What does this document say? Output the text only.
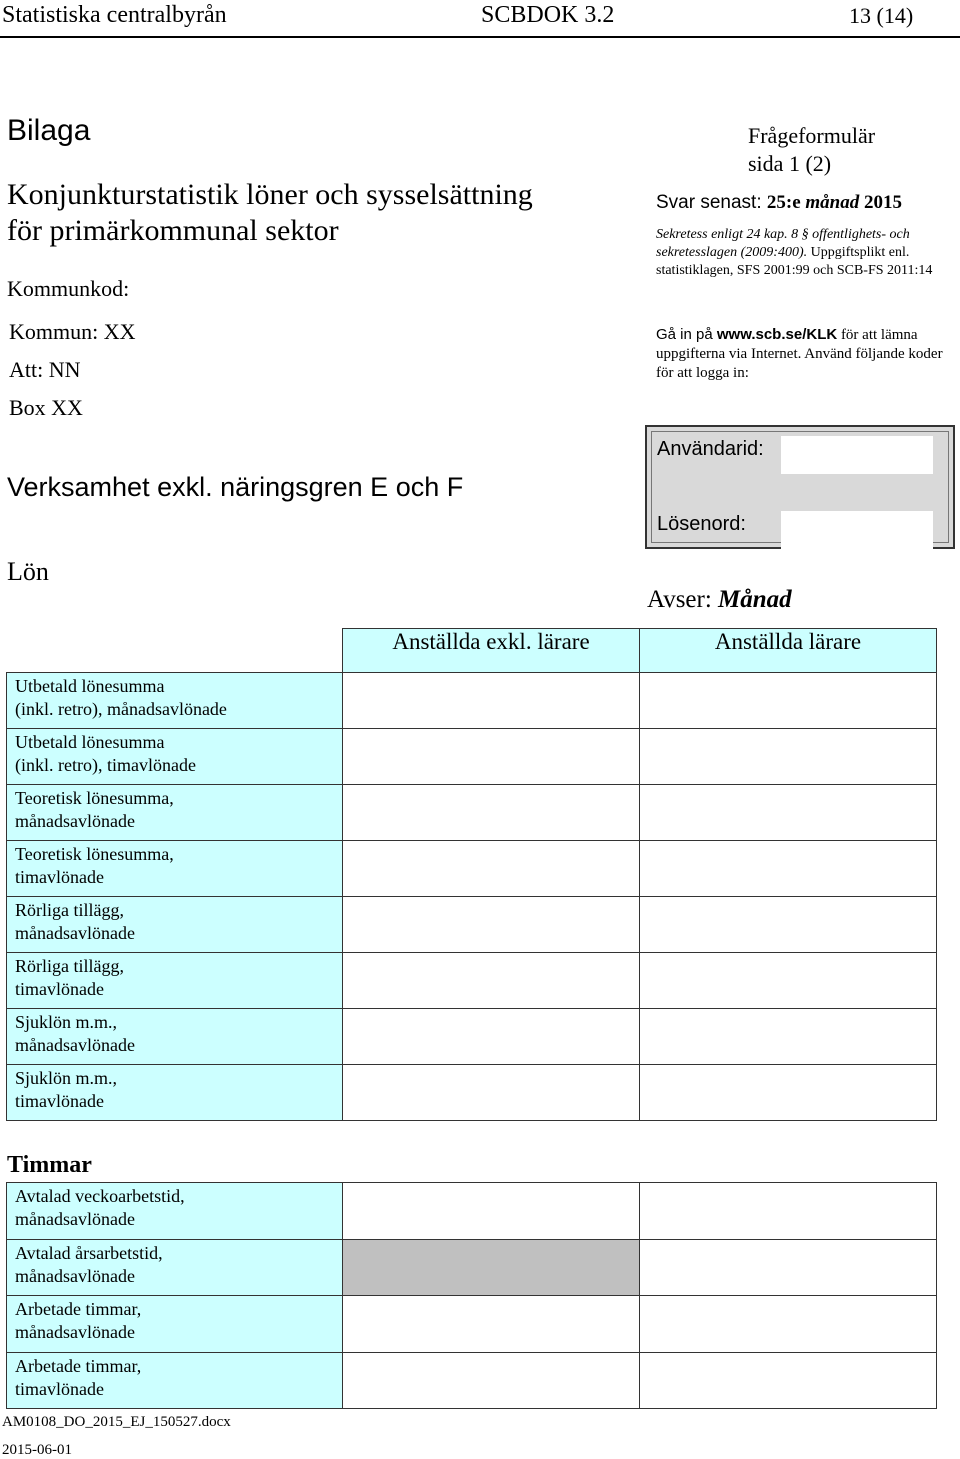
Statistiska centralbyrån	SCBDOK 3.2	13 (14)
Bilaga
Konjunkturstatistik löner och sysselsättning
för primärkommunal sektor
Kommunkod:
Kommun: XX
Att: NN
Box XX
Verksamhet exkl. näringsgren E och F
Lön
Frågeformulär
sida 1 (2)
Svar senast: 25:e månad 2015
Sekretess enligt 24 kap. 8 § offentlighets- och sekretesslagen (2009:400). Uppgiftsplikt enl. statistiklagen, SFS 2001:99 och SCB-FS 2011:14
Gå in på www.scb.se/KLK för att lämna uppgifterna via Internet. Använd följande koder för att logga in:
Användarid:
Lösenord:
Avser: Månad
	Anställda exkl. lärare	Anställda lärare

Utbetald lönesumma
(inkl. retro), månadsavlönade		

Utbetald lönesumma
(inkl. retro), timavlönade		

Teoretisk lönesumma,
månadsavlönade		

Teoretisk lönesumma,
timavlönade		

Rörliga tillägg,
månadsavlönade		

Rörliga tillägg,
timavlönade		

Sjuklön m.m.,
månadsavlönade		

Sjuklön m.m.,
timavlönade		

Timmar
Avtalad veckoarbetstid,
månadsavlönade		

Avtalad årsarbetstid,
månadsavlönade		

Arbetade timmar,
månadsavlönade		

Arbetade timmar,
timavlönade		

AM0108_DO_2015_EJ_150527.docx
2015-06-01
